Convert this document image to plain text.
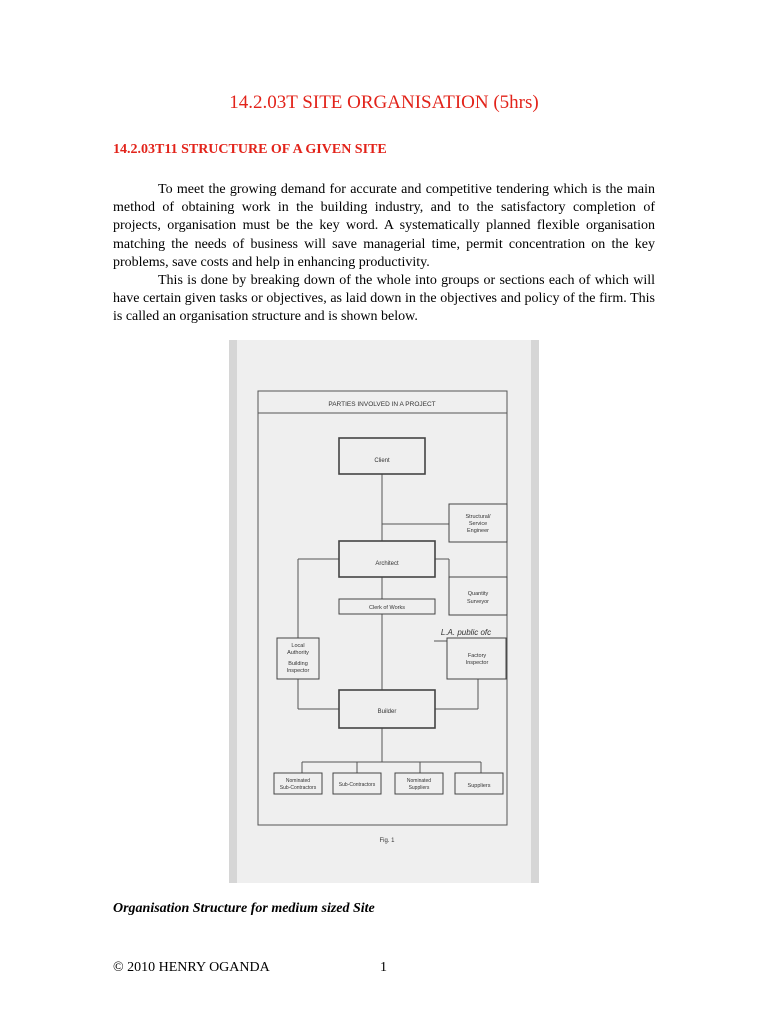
14.2.03T SITE ORGANISATION (5hrs)
14.2.03T11 STRUCTURE OF A GIVEN SITE

To meet the growing demand for accurate and competitive tendering which is the main method of obtaining work in the building industry, and to the satisfactory completion of projects, organisation must be the key word. A systematically planned flexible organisation matching the needs of business will save managerial time, permit concentration on the key problems, save costs and help in enhancing productivity.

This is done by breaking down of the whole into groups or sections each of which will have certain given tasks or objectives, as laid down in the objectives and policy of the firm. This is called an organisation structure and is shown below.

PARTIES INVOLVED IN A PROJECT
Client
Structural/
Service
Engineer
Architect
Quantity
Surveyor
Clerk of Works
L.A. public ofc
Local
Authority
Building
Inspector
Factory
Inspector
Builder
Nominated
Sub-Contractors	Sub-Contractors
Nominated
Suppliers	Suppliers
Fig. 1
Organisation Structure for medium sized Site
© 2010 HENRY OGANDA	1
